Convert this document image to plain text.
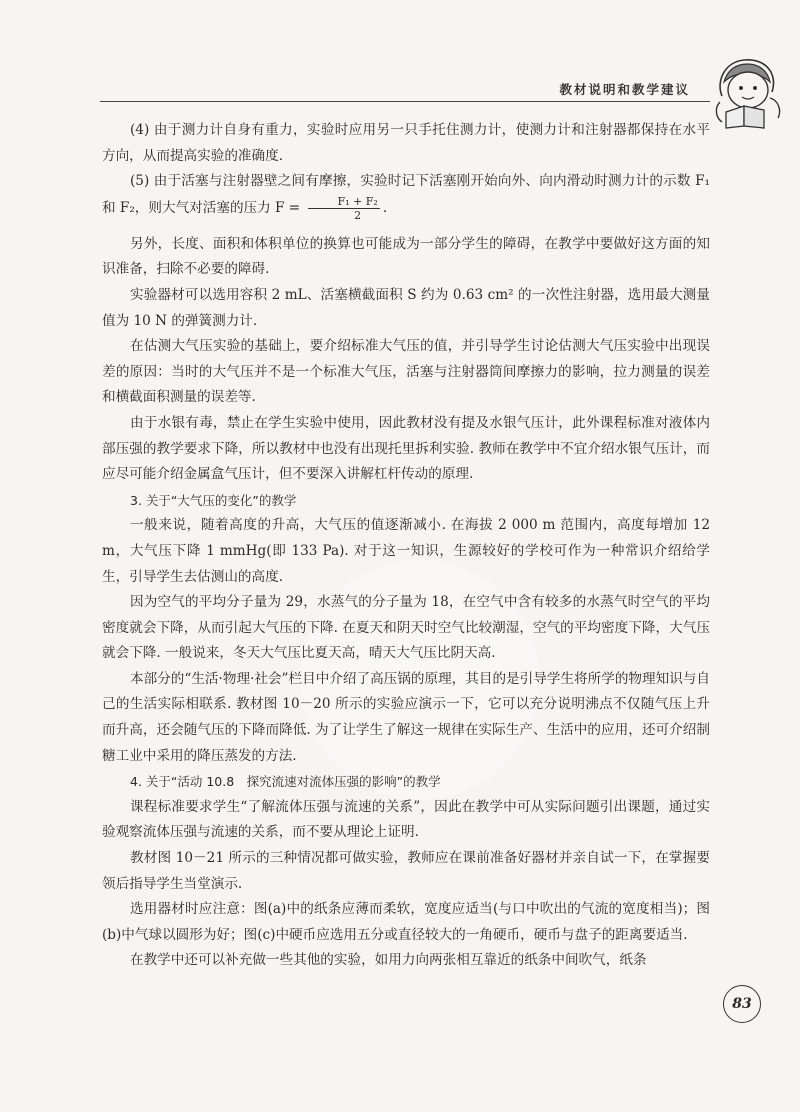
教材说明和教学建议

(4) 由于测力计自身有重力，实验时应用另一只手托住测力计，使测力计和注射器都保持在水平方向，从而提高实验的准确度.

(5) 由于活塞与注射器壁之间有摩擦，实验时记下活塞刚开始向外、向内滑动时测力计的示数 F₁ 和 F₂，则大气对活塞的压力 $F = \frac{\text{F₁ + F₂}}{2}$ .

另外，长度、面积和体积单位的换算也可能成为一部分学生的障碍，在教学中要做好这方面的知识准备，扫除不必要的障碍.

实验器材可以选用容积 2 mL、活塞横截面积 S 约为 0.63 cm² 的一次性注射器，选用最大测量值为 10 N 的弹簧测力计.

在估测大气压实验的基础上，要介绍标准大气压的值，并引导学生讨论估测大气压实验中出现误差的原因：当时的大气压并不是一个标准大气压，活塞与注射器筒间摩擦力的影响，拉力测量的误差和横截面积测量的误差等.

由于水银有毒，禁止在学生实验中使用，因此教材没有提及水银气压计，此外课程标准对液体内部压强的教学要求下降，所以教材中也没有出现托里拆利实验. 教师在教学中不宜介绍水银气压计，而应尽可能介绍金属盒气压计，但不要深入讲解杠杆传动的原理.

3. 关于“大气压的变化”的教学

一般来说，随着高度的升高，大气压的值逐渐减小. 在海拔 2 000 m 范围内，高度每增加 12 m，大气压下降 1 mmHg(即 133 Pa). 对于这一知识，生源较好的学校可作为一种常识介绍给学生，引导学生去估测山的高度.

因为空气的平均分子量为 29，水蒸气的分子量为 18，在空气中含有较多的水蒸气时空气的平均密度就会下降，从而引起大气压的下降. 在夏天和阴天时空气比较潮湿，空气的平均密度下降，大气压就会下降. 一般说来，冬天大气压比夏天高，晴天大气压比阴天高.

本部分的“生活·物理·社会”栏目中介绍了高压锅的原理，其目的是引导学生将所学的物理知识与自己的生活实际相联系. 教材图 10－20 所示的实验应演示一下，它可以充分说明沸点不仅随气压上升而升高，还会随气压的下降而降低. 为了让学生了解这一规律在实际生产、生活中的应用，还可介绍制糖工业中采用的降压蒸发的方法.

4. 关于“活动 10.8　探究流速对流体压强的影响”的教学

课程标准要求学生“了解流体压强与流速的关系”，因此在教学中可从实际问题引出课题，通过实验观察流体压强与流速的关系，而不要从理论上证明.

教材图 10－21 所示的三种情况都可做实验，教师应在课前准备好器材并亲自试一下，在掌握要领后指导学生当堂演示.

选用器材时应注意：图(a)中的纸条应薄而柔软，宽度应适当(与口中吹出的气流的宽度相当)；图(b)中气球以圆形为好；图(c)中硬币应选用五分或直径较大的一角硬币，硬币与盘子的距离要适当.

在教学中还可以补充做一些其他的实验，如用力向两张相互靠近的纸条中间吹气，纸条

83
